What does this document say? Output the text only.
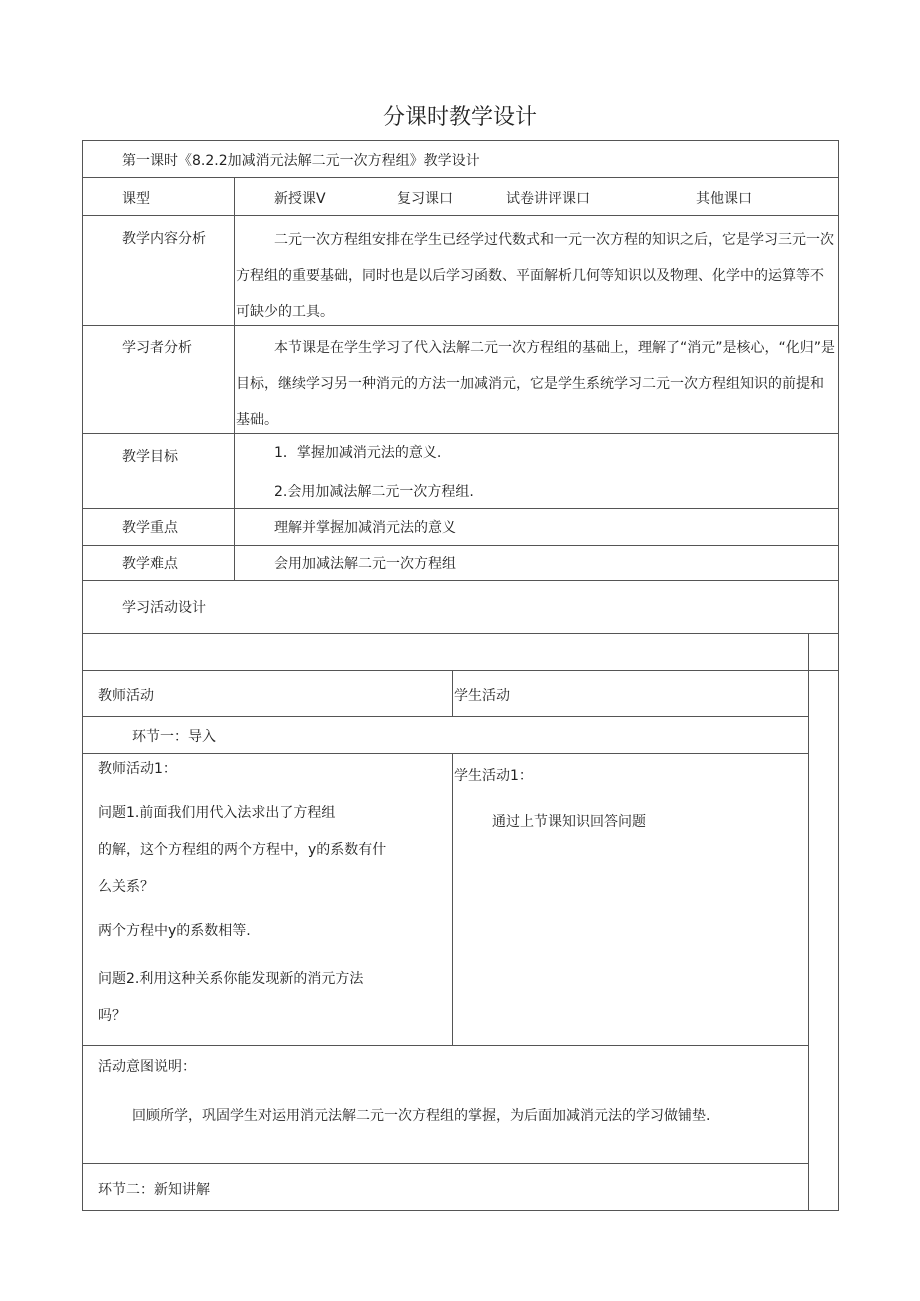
分课时教学设计
第一课时《8.2.2加减消元法解二元一次方程组》教学设计
课型	新授课V	复习课口	试卷讲评课口	其他课口
教学内容分析	二元一次方程组安排在学生已经学过代数式和一元一次方程的知识之后，它是学习三元一次方程组的重要基础，同时也是以后学习函数、平面解析几何等知识以及物理、化学中的运算等不可缺少的工具。
学习者分析	本节课是在学生学习了代入法解二元一次方程组的基础上，理解了“消元”是核心，“化归”是目标，继续学习另一种消元的方法一加减消元，它是学生系统学习二元一次方程组知识的前提和基础。
教学目标	1．掌握加减消元法的意义.
2.会用加减法解二元一次方程组.
教学重点	理解并掌握加减消元法的意义
教学难点	会用加减法解二元一次方程组
学习活动设计
教师活动	学生活动
环节一：导入
教师活动1：
问题1.前面我们用代入法求出了方程组
的解，这个方程组的两个方程中，y的系数有什
么关系？
两个方程中y的系数相等.
问题2.利用这种关系你能发现新的消元方法
吗？
学生活动1：
通过上节课知识回答问题
活动意图说明：
回顾所学，巩固学生对运用消元法解二元一次方程组的掌握，为后面加减消元法的学习做铺垫.
环节二：新知讲解
